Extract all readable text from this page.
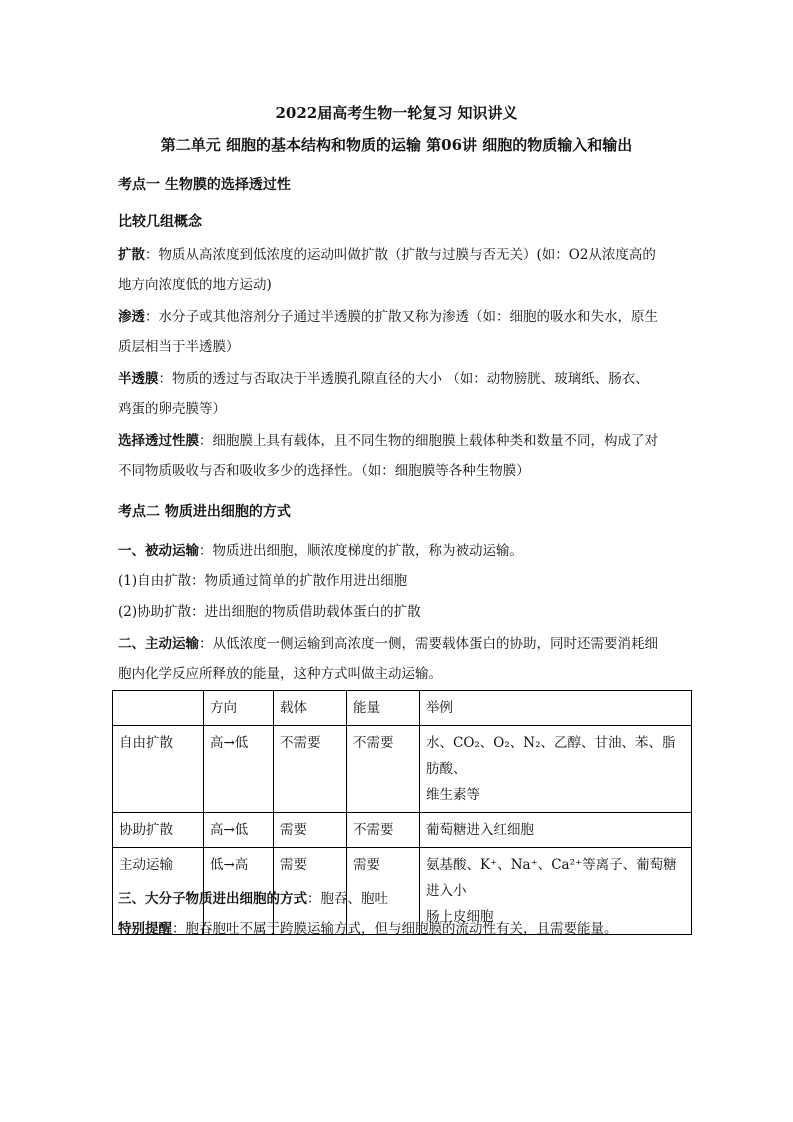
2022届高考生物一轮复习 知识讲义
第二单元 细胞的基本结构和物质的运输 第06讲 细胞的物质输入和输出
考点一 生物膜的选择透过性
比较几组概念
扩散：物质从高浓度到低浓度的运动叫做扩散（扩散与过膜与否无关）(如：O2从浓度高的
地方向浓度低的地方运动)
渗透：水分子或其他溶剂分子通过半透膜的扩散又称为渗透（如：细胞的吸水和失水，原生
质层相当于半透膜）
半透膜：物质的透过与否取决于半透膜孔隙直径的大小 （如：动物膀胱、玻璃纸、肠衣、
鸡蛋的卵壳膜等）
选择透过性膜：细胞膜上具有载体，且不同生物的细胞膜上载体种类和数量不同，构成了对
不同物质吸收与否和吸收多少的选择性。（如：细胞膜等各种生物膜）
考点二 物质进出细胞的方式
一、被动运输：物质进出细胞，顺浓度梯度的扩散，称为被动运输。
(1)自由扩散：物质通过简单的扩散作用进出细胞
(2)协助扩散：进出细胞的物质借助载体蛋白的扩散
二、主动运输：从低浓度一侧运输到高浓度一侧，需要载体蛋白的协助，同时还需要消耗细
胞内化学反应所释放的能量，这种方式叫做主动运输。
	方向	载体	能量	举例
自由扩散	高→低	不需要	不需要	水、CO₂、O₂、N₂、乙醇、甘油、苯、脂肪酸、
维生素等
协助扩散	高→低	需要	不需要	葡萄糖进入红细胞
主动运输	低→高	需要	需要	氨基酸、K⁺、Na⁺、Ca²⁺等离子、葡萄糖进入小
肠上皮细胞
三、大分子物质进出细胞的方式：胞吞、胞吐
特别提醒：胞吞胞吐不属于跨膜运输方式，但与细胞膜的流动性有关，且需要能量。
